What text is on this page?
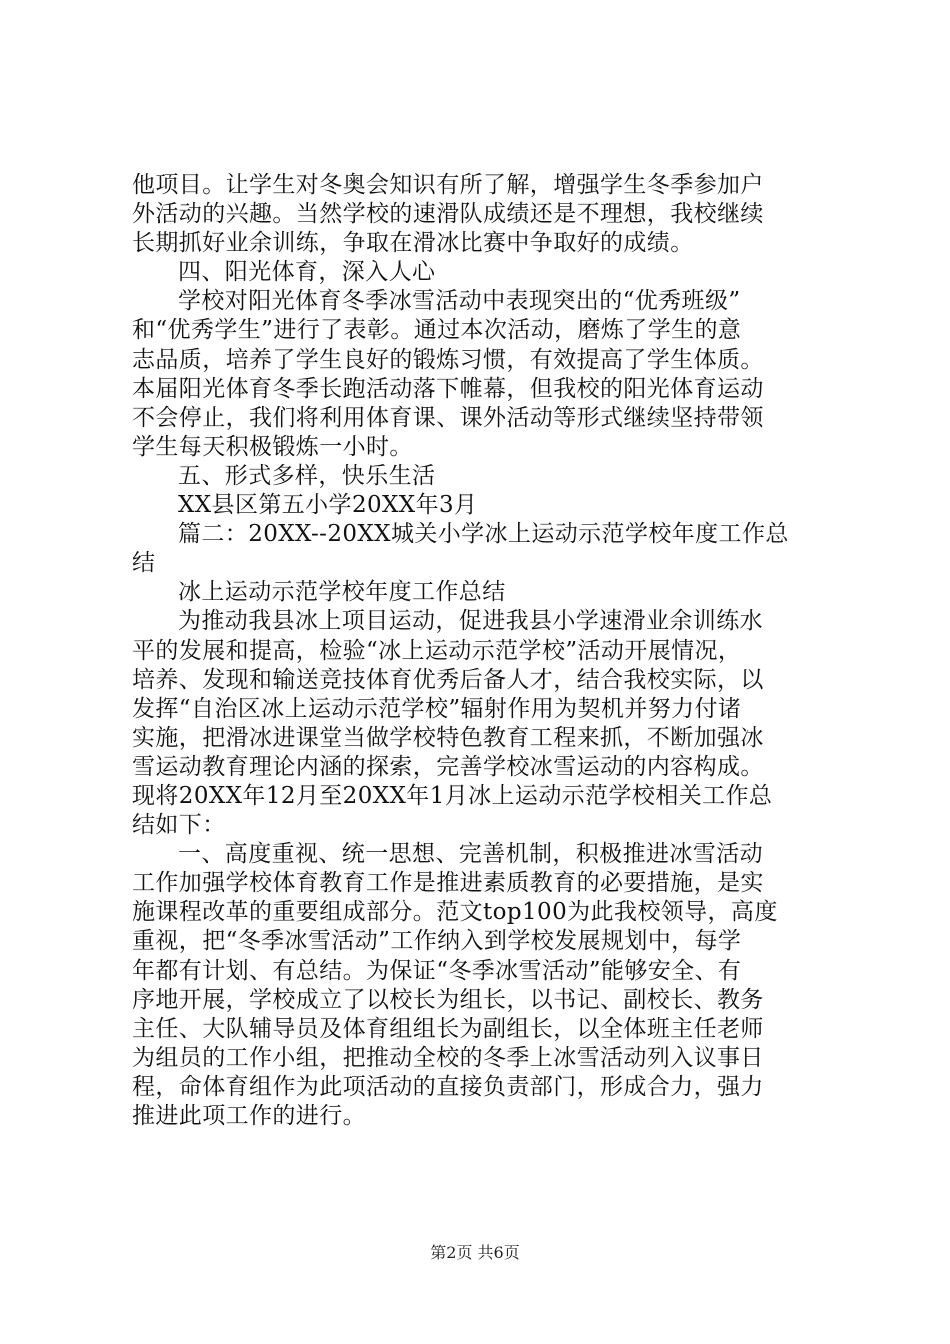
他项目。让学生对冬奥会知识有所了解，增强学生冬季参加户
外活动的兴趣。当然学校的速滑队成绩还是不理想，我校继续
长期抓好业余训练，争取在滑冰比赛中争取好的成绩。
四、阳光体育，深入人心
学校对阳光体育冬季冰雪活动中表现突出的“优秀班级”
和“优秀学生”进行了表彰。通过本次活动，磨炼了学生的意
志品质，培养了学生良好的锻炼习惯，有效提高了学生体质。
本届阳光体育冬季长跑活动落下帷幕，但我校的阳光体育运动
不会停止，我们将利用体育课、课外活动等形式继续坚持带领
学生每天积极锻炼一小时。
五、形式多样，快乐生活
XX县区第五小学20XX年3月
篇二：20XX--20XX城关小学冰上运动示范学校年度工作总
结
冰上运动示范学校年度工作总结
为推动我县冰上项目运动，促进我县小学速滑业余训练水
平的发展和提高，检验“冰上运动示范学校”活动开展情况，
培养、发现和输送竞技体育优秀后备人才，结合我校实际，以
发挥“自治区冰上运动示范学校”辐射作用为契机并努力付诸
实施，把滑冰进课堂当做学校特色教育工程来抓，不断加强冰
雪运动教育理论内涵的探索，完善学校冰雪运动的内容构成。
现将20XX年12月至20XX年1月冰上运动示范学校相关工作总
结如下：
一、高度重视、统一思想、完善机制，积极推进冰雪活动
工作加强学校体育教育工作是推进素质教育的必要措施，是实
施课程改革的重要组成部分。范文top100为此我校领导，高度
重视，把“冬季冰雪活动”工作纳入到学校发展规划中，每学
年都有计划、有总结。为保证“冬季冰雪活动”能够安全、有
序地开展，学校成立了以校长为组长，以书记、副校长、教务
主任、大队辅导员及体育组组长为副组长，以全体班主任老师
为组员的工作小组，把推动全校的冬季上冰雪活动列入议事日
程，命体育组作为此项活动的直接负责部门，形成合力，强力
推进此项工作的进行。
第2页 共6页
